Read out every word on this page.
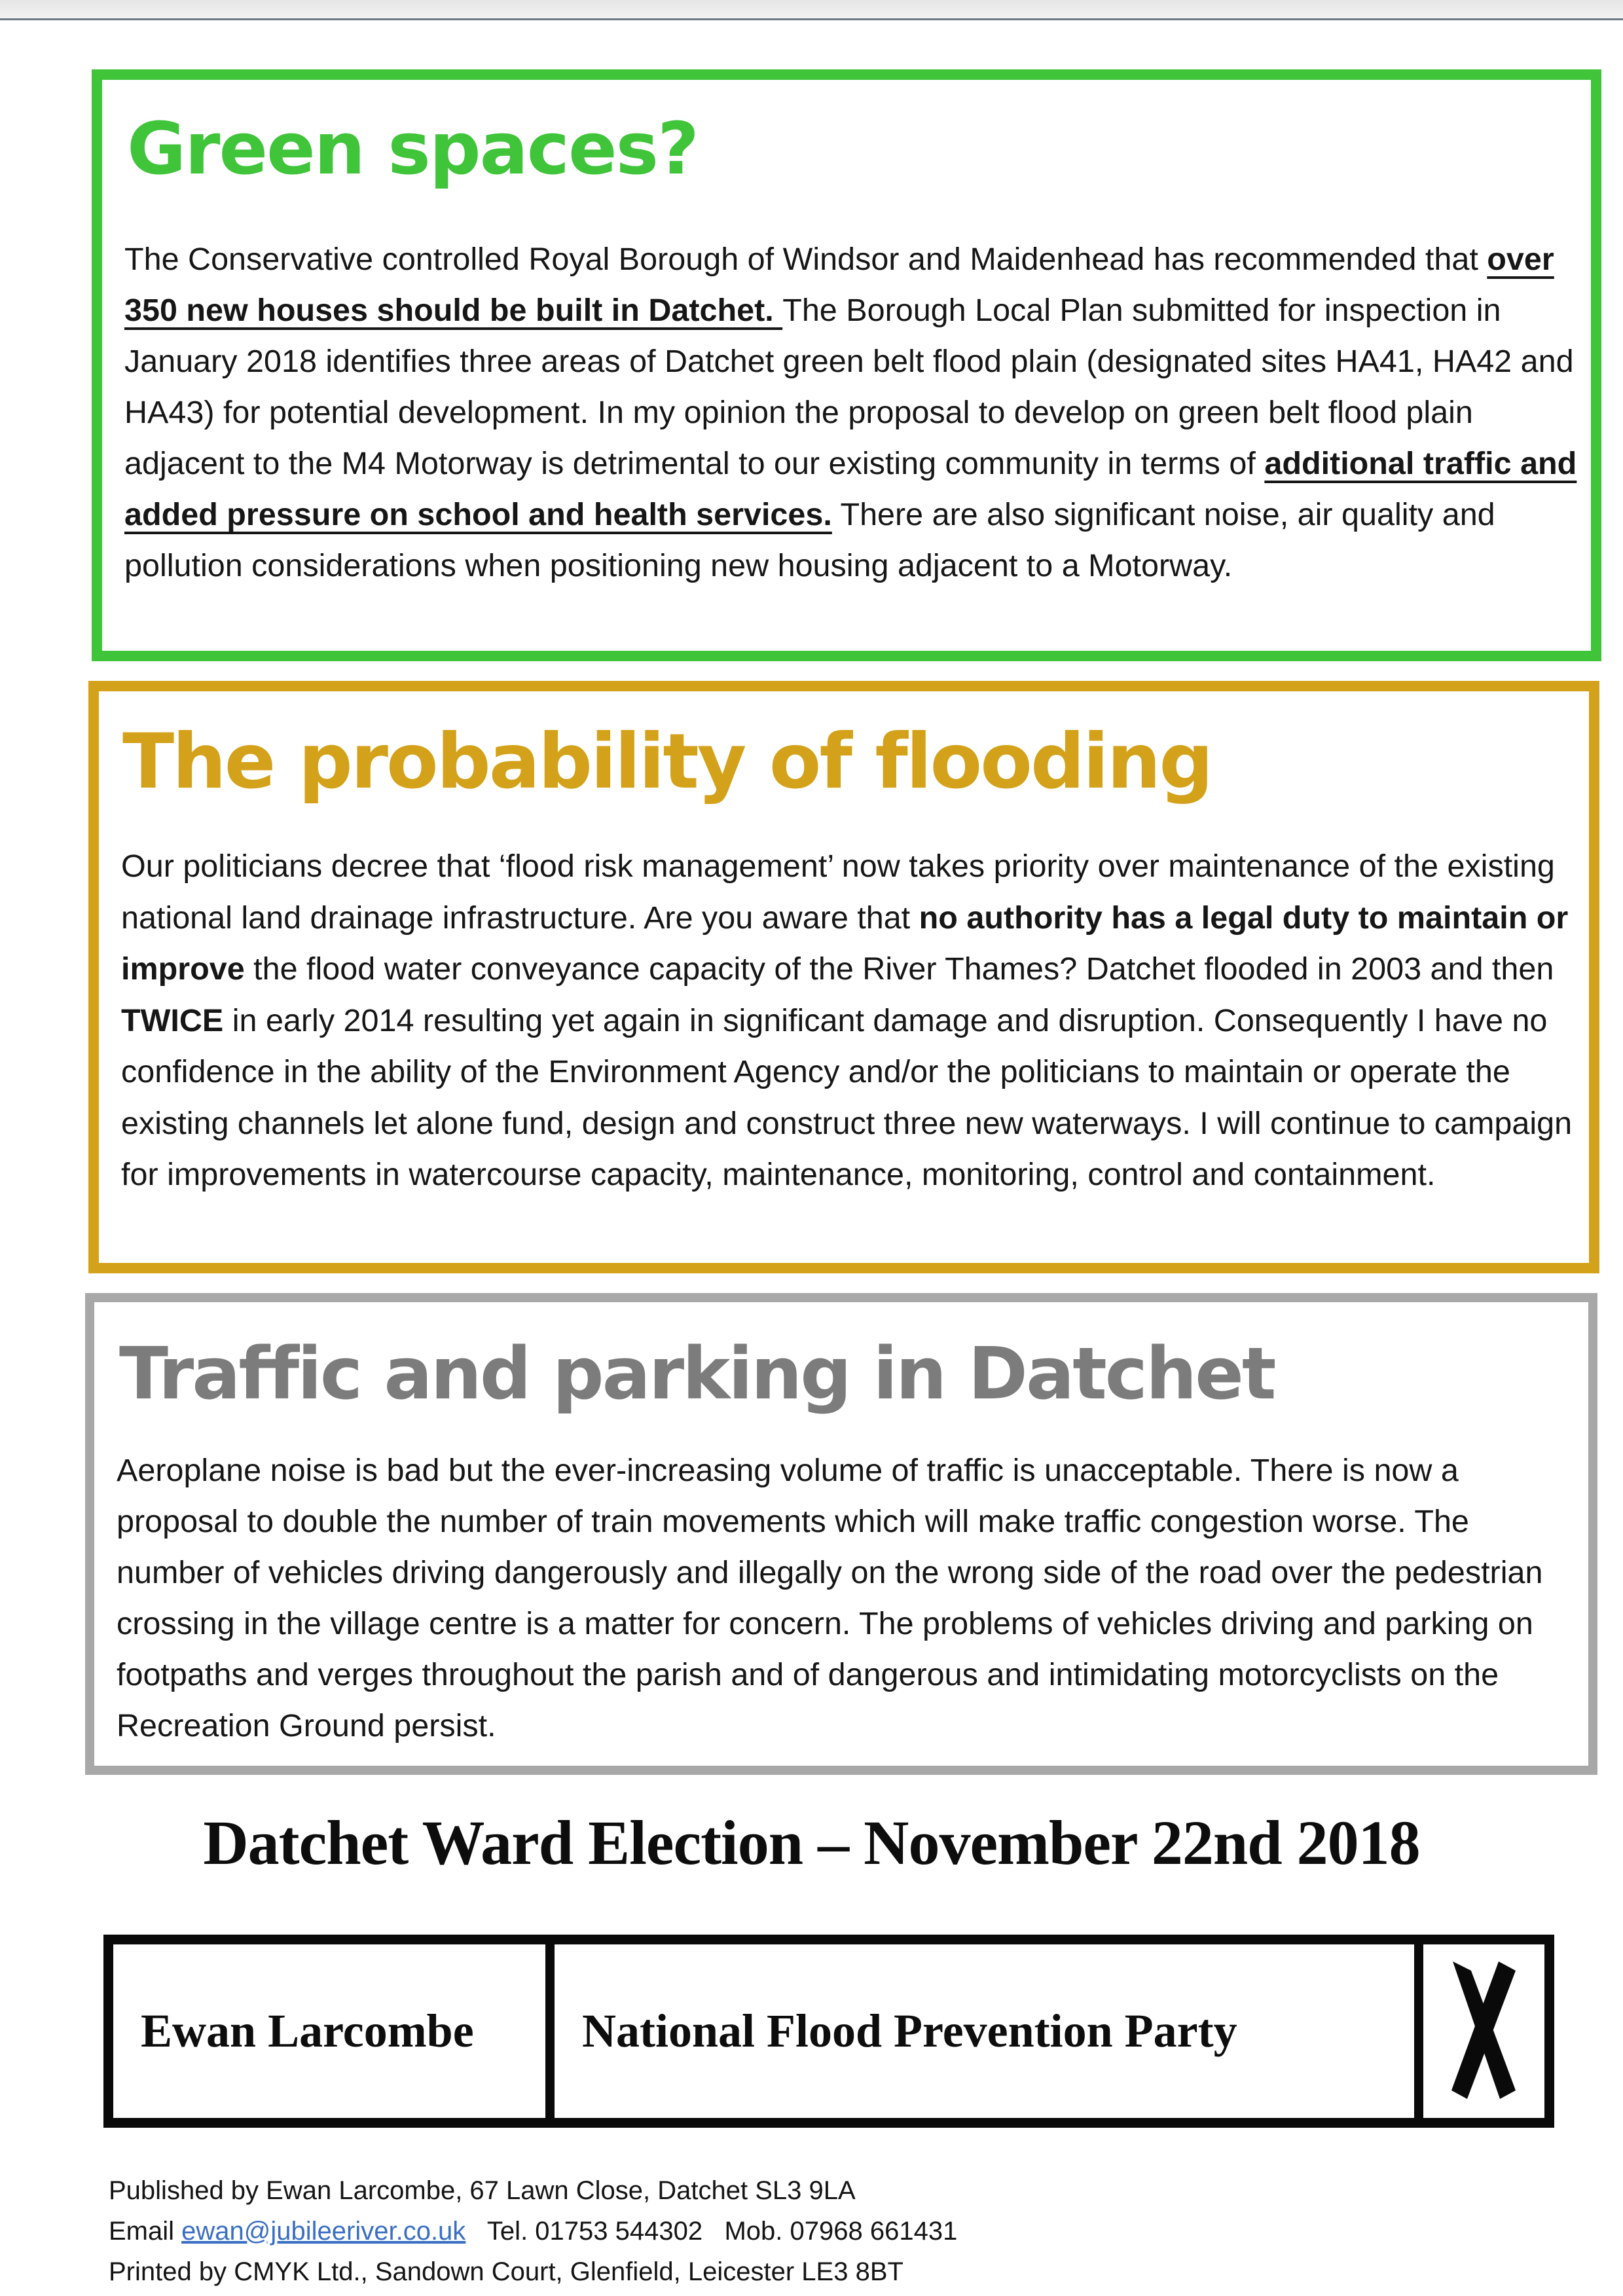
Green spaces?

The Conservative controlled Royal Borough of Windsor and Maidenhead has recommended that over 350 new houses should be built in Datchet. The Borough Local Plan submitted for inspection in January 2018 identifies three areas of Datchet green belt flood plain (designated sites HA41, HA42 and HA43) for potential development. In my opinion the proposal to develop on green belt flood plain adjacent to the M4 Motorway is detrimental to our existing community in terms of additional traffic and added pressure on school and health services. There are also significant noise, air quality and pollution considerations when positioning new housing adjacent to a Motorway.

The probability of flooding

Our politicians decree that ‘flood risk management’ now takes priority over maintenance of the existing national land drainage infrastructure. Are you aware that no authority has a legal duty to maintain or improve the flood water conveyance capacity of the River Thames? Datchet flooded in 2003 and then TWICE in early 2014 resulting yet again in significant damage and disruption. Consequently I have no confidence in the ability of the Environment Agency and/or the politicians to maintain or operate the existing channels let alone fund, design and construct three new waterways. I will continue to campaign for improvements in watercourse capacity, maintenance, monitoring, control and containment.

Traffic and parking in Datchet

Aeroplane noise is bad but the ever-increasing volume of traffic is unacceptable. There is now a proposal to double the number of train movements which will make traffic congestion worse. The number of vehicles driving dangerously and illegally on the wrong side of the road over the pedestrian crossing in the village centre is a matter for concern. The problems of vehicles driving and parking on footpaths and verges throughout the parish and of dangerous and intimidating motorcyclists on the Recreation Ground persist.

Datchet Ward Election – November 22nd 2018
Ewan Larcombe	National Flood Prevention Party
Published by Ewan Larcombe, 67 Lawn Close, Datchet SL3 9LA
Email ewan@jubileeriver.co.uk   Tel. 01753 544302   Mob. 07968 661431
Printed by CMYK Ltd., Sandown Court, Glenfield, Leicester LE3 8BT
